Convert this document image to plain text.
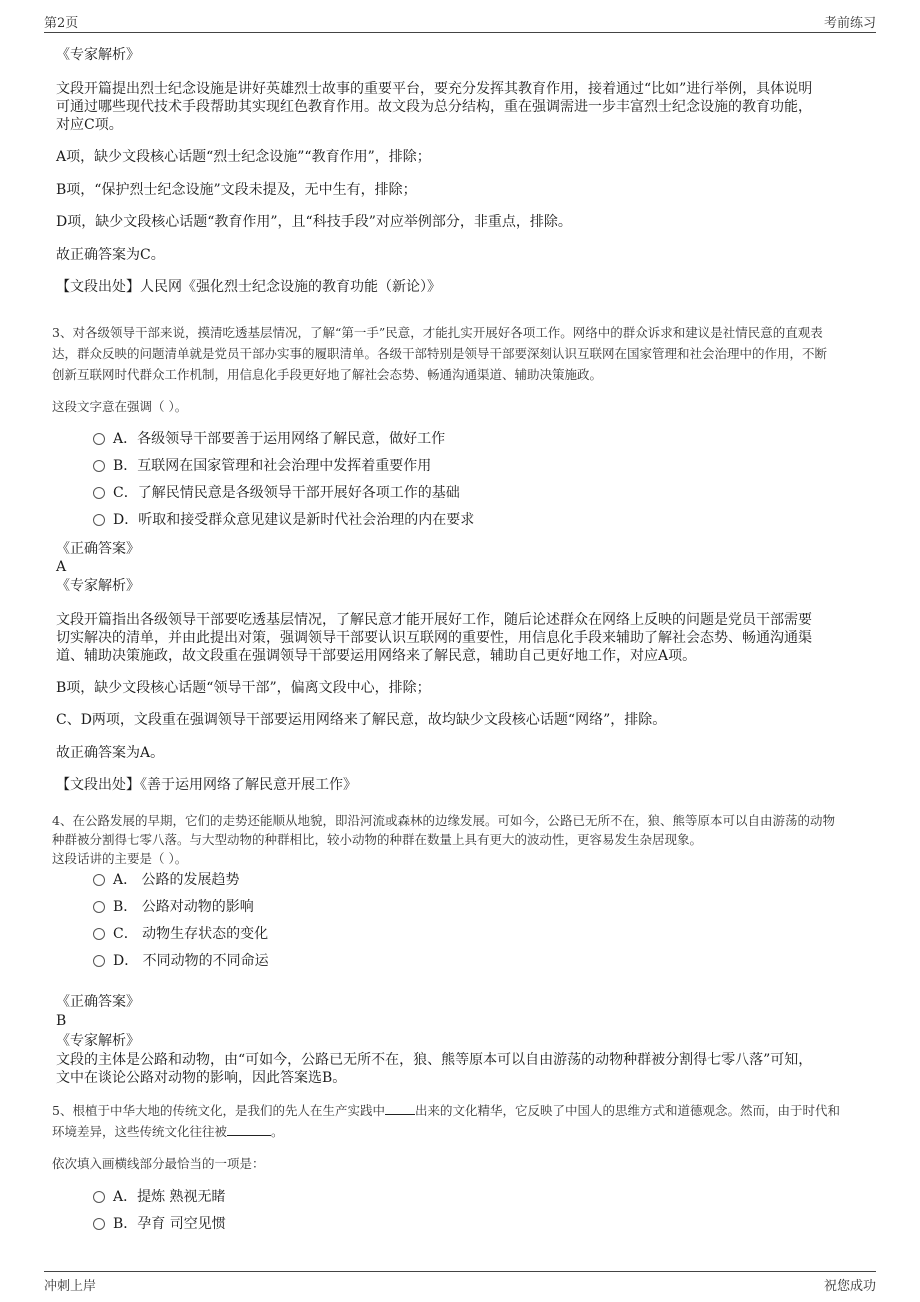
第2页	考前练习
《专家解析》
文段开篇提出烈士纪念设施是讲好英雄烈士故事的重要平台，要充分发挥其教育作用，接着通过“比如”进行举例，具体说明
可通过哪些现代技术手段帮助其实现红色教育作用。故文段为总分结构，重在强调需进一步丰富烈士纪念设施的教育功能，
对应C项。
A项，缺少文段核心话题“烈士纪念设施”“教育作用”，排除；
B项，“保护烈士纪念设施”文段未提及，无中生有，排除；
D项，缺少文段核心话题“教育作用”，且“科技手段”对应举例部分，非重点，排除。
故正确答案为C。
【文段出处】人民网《强化烈士纪念设施的教育功能（新论）》
3、对各级领导干部来说，摸清吃透基层情况，了解“第一手”民意，才能扎实开展好各项工作。网络中的群众诉求和建议是社情民意的直观表
达，群众反映的问题清单就是党员干部办实事的履职清单。各级干部特别是领导干部要深刻认识互联网在国家管理和社会治理中的作用，不断
创新互联网时代群众工作机制，用信息化手段更好地了解社会态势、畅通沟通渠道、辅助决策施政。
这段文字意在强调（ ）。
A．各级领导干部要善于运用网络了解民意，做好工作
B．互联网在国家管理和社会治理中发挥着重要作用
C．了解民情民意是各级领导干部开展好各项工作的基础
D．听取和接受群众意见建议是新时代社会治理的内在要求
《正确答案》
A
《专家解析》
文段开篇指出各级领导干部要吃透基层情况，了解民意才能开展好工作，随后论述群众在网络上反映的问题是党员干部需要
切实解决的清单，并由此提出对策，强调领导干部要认识互联网的重要性，用信息化手段来辅助了解社会态势、畅通沟通渠
道、辅助决策施政，故文段重在强调领导干部要运用网络来了解民意，辅助自己更好地工作，对应A项。
B项，缺少文段核心话题“领导干部”，偏离文段中心，排除；
C、D两项，文段重在强调领导干部要运用网络来了解民意，故均缺少文段核心话题“网络”，排除。
故正确答案为A。
【文段出处】《善于运用网络了解民意开展工作》
4、在公路发展的早期，它们的走势还能顺从地貌，即沿河流或森林的边缘发展。可如今，公路已无所不在，狼、熊等原本可以自由游荡的动物
种群被分割得七零八落。与大型动物的种群相比，较小动物的种群在数量上具有更大的波动性，更容易发生杂居现象。
这段话讲的主要是（ ）。
A． 公路的发展趋势
B． 公路对动物的影响
C． 动物生存状态的变化
D． 不同动物的不同命运
《正确答案》
B
《专家解析》
文段的主体是公路和动物，由“可如今，公路已无所不在，狼、熊等原本可以自由游荡的动物种群被分割得七零八落”可知，
文中在谈论公路对动物的影响，因此答案选B。
5、根植于中华大地的传统文化，是我们的先人在生产实践中 出来的文化精华，它反映了中国人的思维方式和道德观念。然而，由于时代和
环境差异，这些传统文化往往被	。
依次填入画横线部分最恰当的一项是：
A．提炼 熟视无睹
B．孕育 司空见惯
冲刺上岸	祝您成功
